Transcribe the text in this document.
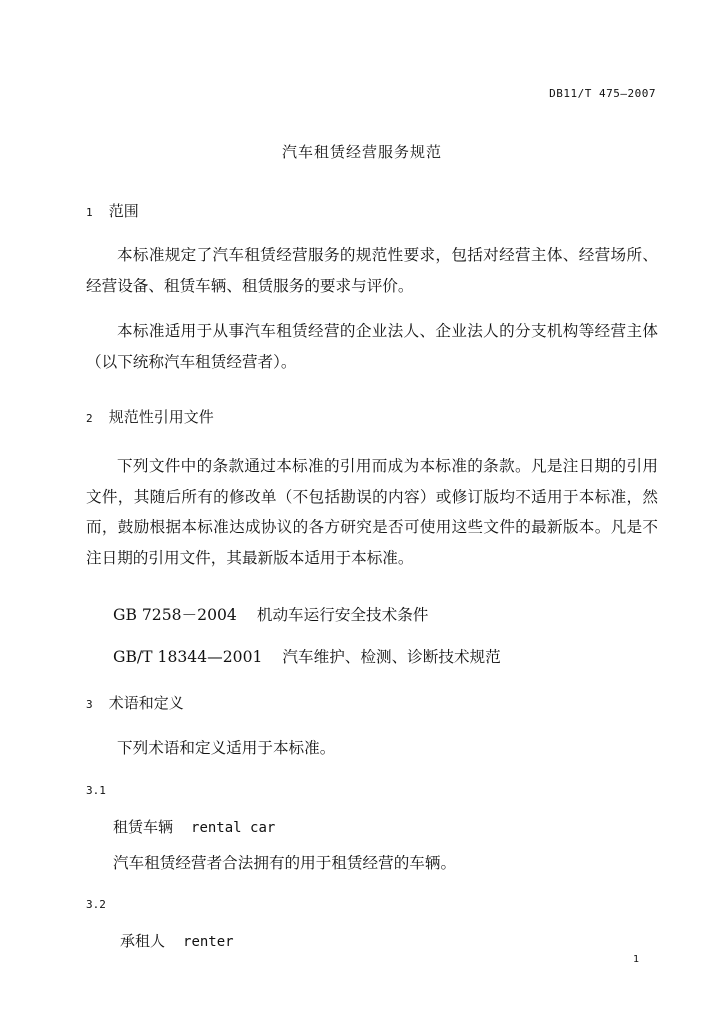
DB11/T 475—2007
汽车租赁经营服务规范
1 范围

本标准规定了汽车租赁经营服务的规范性要求，包括对经营主体、经营场所、经营设备、租赁车辆、租赁服务的要求与评价。

本标准适用于从事汽车租赁经营的企业法人、企业法人的分支机构等经营主体（以下统称汽车租赁经营者）。

2 规范性引用文件

下列文件中的条款通过本标准的引用而成为本标准的条款。凡是注日期的引用文件，其随后所有的修改单（不包括勘误的内容）或修订版均不适用于本标准，然而，鼓励根据本标准达成协议的各方研究是否可使用这些文件的最新版本。凡是不注日期的引用文件，其最新版本适用于本标准。

GB 7258－2004 机动车运行安全技术条件
GB/T 18344—2001 汽车维护、检测、诊断技术规范
3 术语和定义

下列术语和定义适用于本标准。

3.1
租赁车辆 rental car
汽车租赁经营者合法拥有的用于租赁经营的车辆。
3.2
承租人 renter
1
